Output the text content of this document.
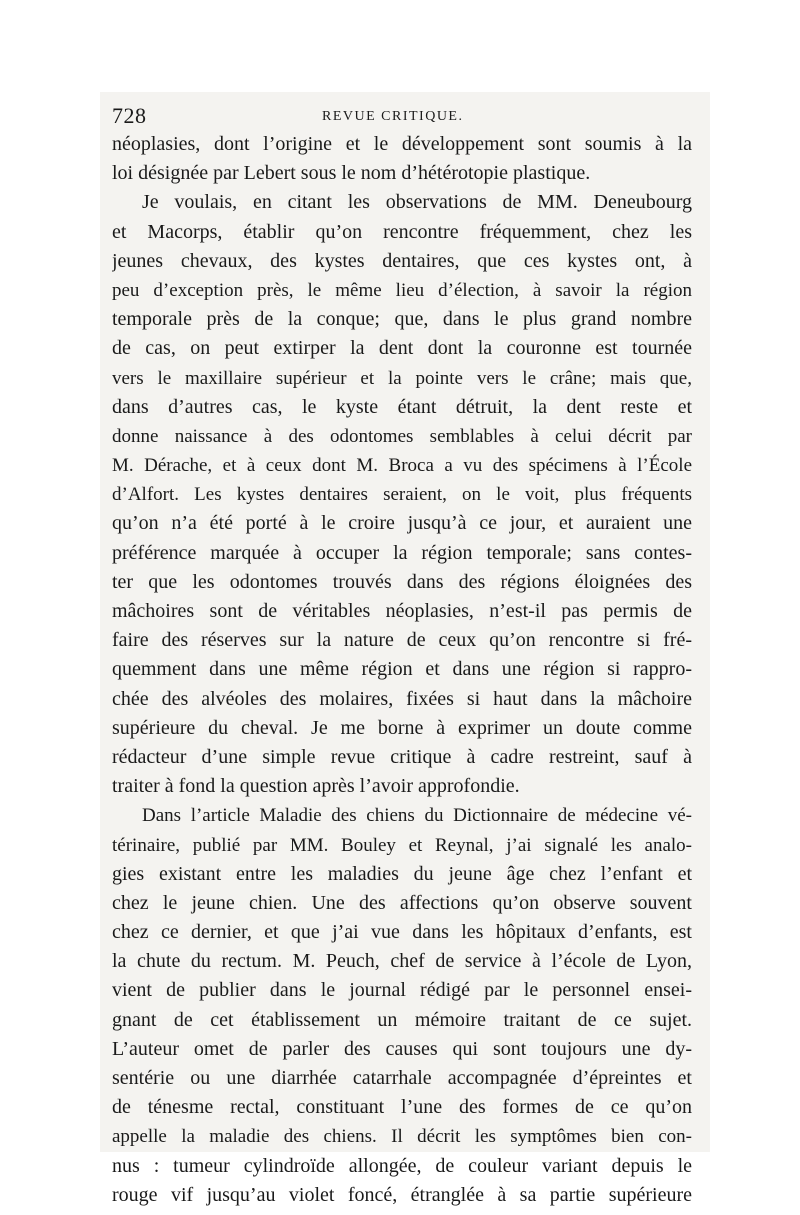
728	REVUE CRITIQUE.
néoplasies, dont l’origine et le développement sont soumis à la
loi désignée par Lebert sous le nom d’hétérotopie plastique.
Je voulais, en citant les observations de MM. Deneubourg
et Macorps, établir qu’on rencontre fréquemment, chez les
jeunes chevaux, des kystes dentaires, que ces kystes ont, à
peu d’exception près, le même lieu d’élection, à savoir la région
temporale près de la conque; que, dans le plus grand nombre
de cas, on peut extirper la dent dont la couronne est tournée
vers le maxillaire supérieur et la pointe vers le crâne; mais que,
dans d’autres cas, le kyste étant détruit, la dent reste et
donne naissance à des odontomes semblables à celui décrit par
M. Dérache, et à ceux dont M. Broca a vu des spécimens à l’École
d’Alfort. Les kystes dentaires seraient, on le voit, plus fréquents
qu’on n’a été porté à le croire jusqu’à ce jour, et auraient une
préférence marquée à occuper la région temporale; sans contes-
ter que les odontomes trouvés dans des régions éloignées des
mâchoires sont de véritables néoplasies, n’est-il pas permis de
faire des réserves sur la nature de ceux qu’on rencontre si fré-
quemment dans une même région et dans une région si rappro-
chée des alvéoles des molaires, fixées si haut dans la mâchoire
supérieure du cheval. Je me borne à exprimer un doute comme
rédacteur d’une simple revue critique à cadre restreint, sauf à
traiter à fond la question après l’avoir approfondie.
Dans l’article Maladie des chiens du Dictionnaire de médecine vé-
térinaire, publié par MM. Bouley et Reynal, j’ai signalé les analo-
gies existant entre les maladies du jeune âge chez l’enfant et
chez le jeune chien. Une des affections qu’on observe souvent
chez ce dernier, et que j’ai vue dans les hôpitaux d’enfants, est
la chute du rectum. M. Peuch, chef de service à l’école de Lyon,
vient de publier dans le journal rédigé par le personnel ensei-
gnant de cet établissement un mémoire traitant de ce sujet.
L’auteur omet de parler des causes qui sont toujours une dy-
sentérie ou une diarrhée catarrhale accompagnée d’épreintes et
de ténesme rectal, constituant l’une des formes de ce qu’on
appelle la maladie des chiens. Il décrit les symptômes bien con-
nus : tumeur cylindroïde allongée, de couleur variant depuis le
rouge vif jusqu’au violet foncé, étranglée à sa partie supérieure
